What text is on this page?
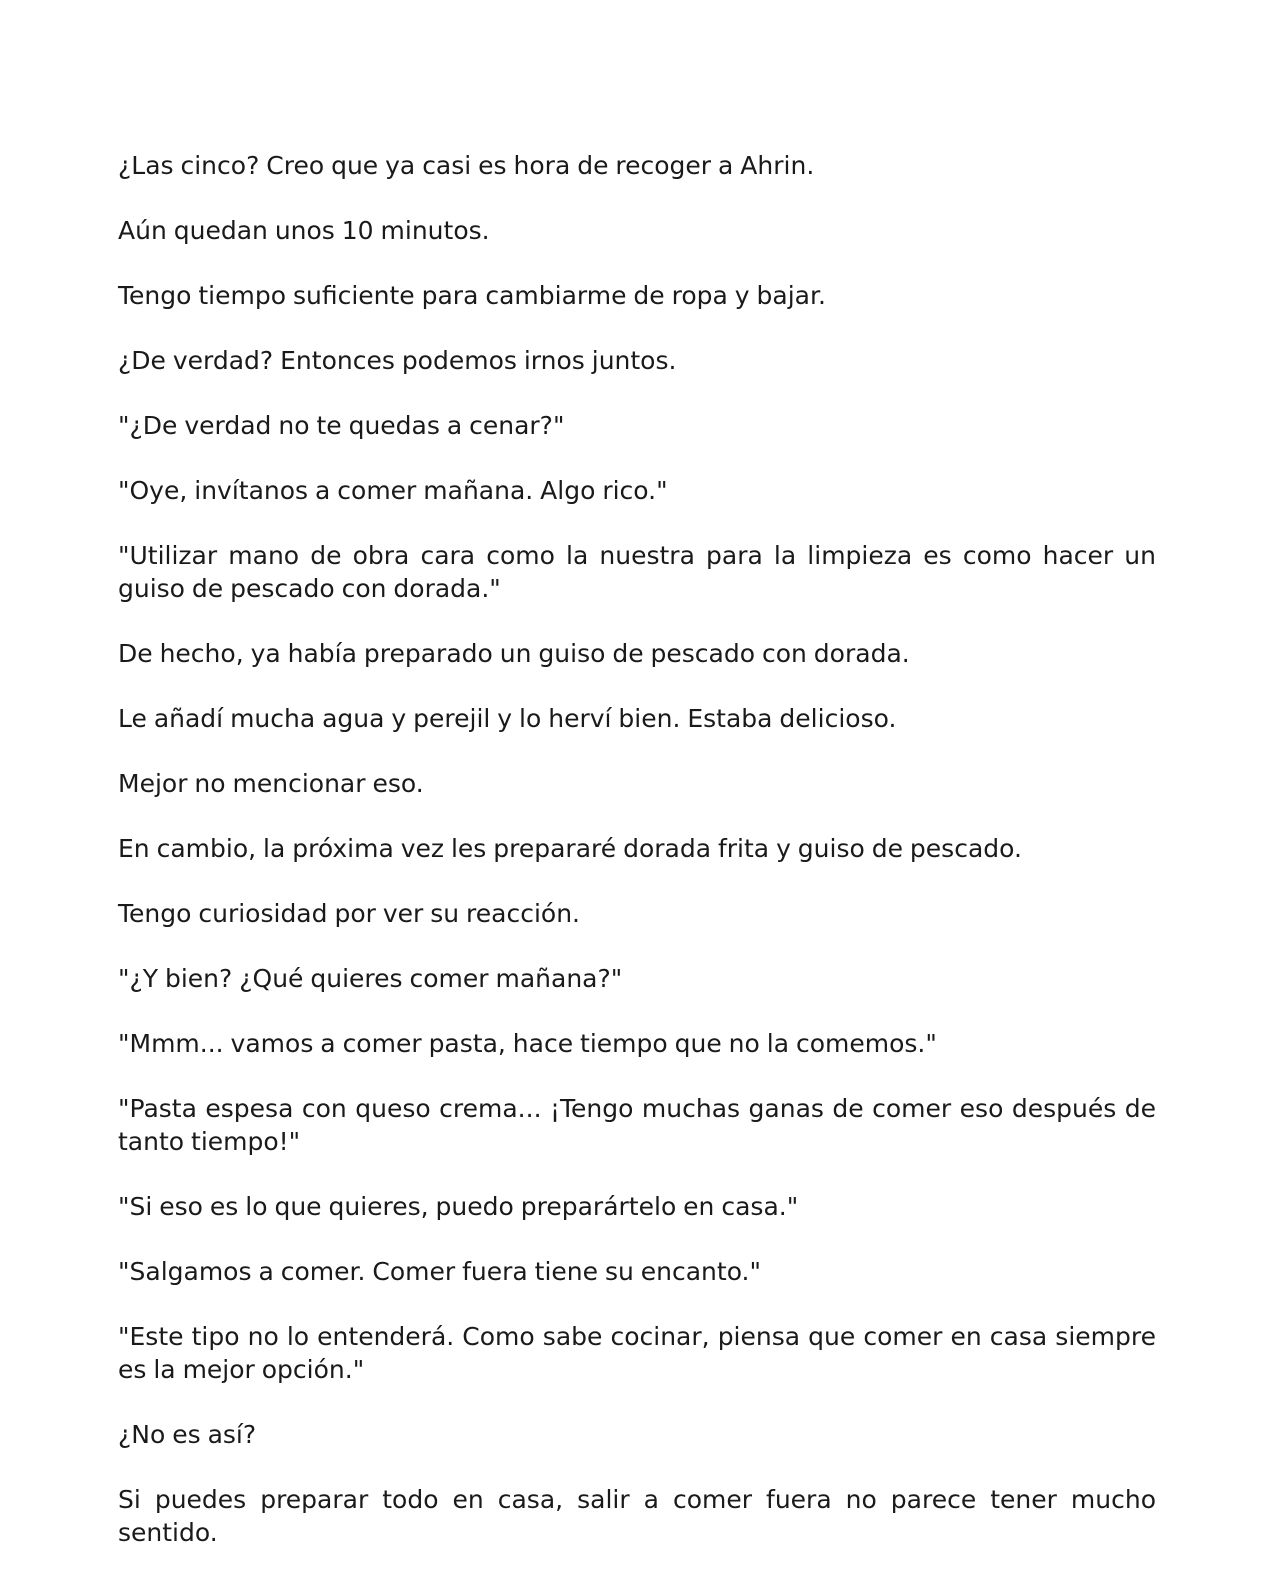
¿Las cinco? Creo que ya casi es hora de recoger a Ahrin.

Aún quedan unos 10 minutos.

Tengo tiempo suficiente para cambiarme de ropa y bajar.

¿De verdad? Entonces podemos irnos juntos.

"¿De verdad no te quedas a cenar?"

"Oye, invítanos a comer mañana. Algo rico."

"Utilizar mano de obra cara como la nuestra para la limpieza es como hacer un guiso de pescado con dorada."

De hecho, ya había preparado un guiso de pescado con dorada.

Le añadí mucha agua y perejil y lo herví bien. Estaba delicioso.

Mejor no mencionar eso.

En cambio, la próxima vez les prepararé dorada frita y guiso de pescado.

Tengo curiosidad por ver su reacción.

"¿Y bien? ¿Qué quieres comer mañana?"

"Mmm... vamos a comer pasta, hace tiempo que no la comemos."

"Pasta espesa con queso crema... ¡Tengo muchas ganas de comer eso después de tanto tiempo!"

"Si eso es lo que quieres, puedo preparártelo en casa."

"Salgamos a comer. Comer fuera tiene su encanto."

"Este tipo no lo entenderá. Como sabe cocinar, piensa que comer en casa siempre es la mejor opción."

¿No es así?

Si puedes preparar todo en casa, salir a comer fuera no parece tener mucho sentido.
